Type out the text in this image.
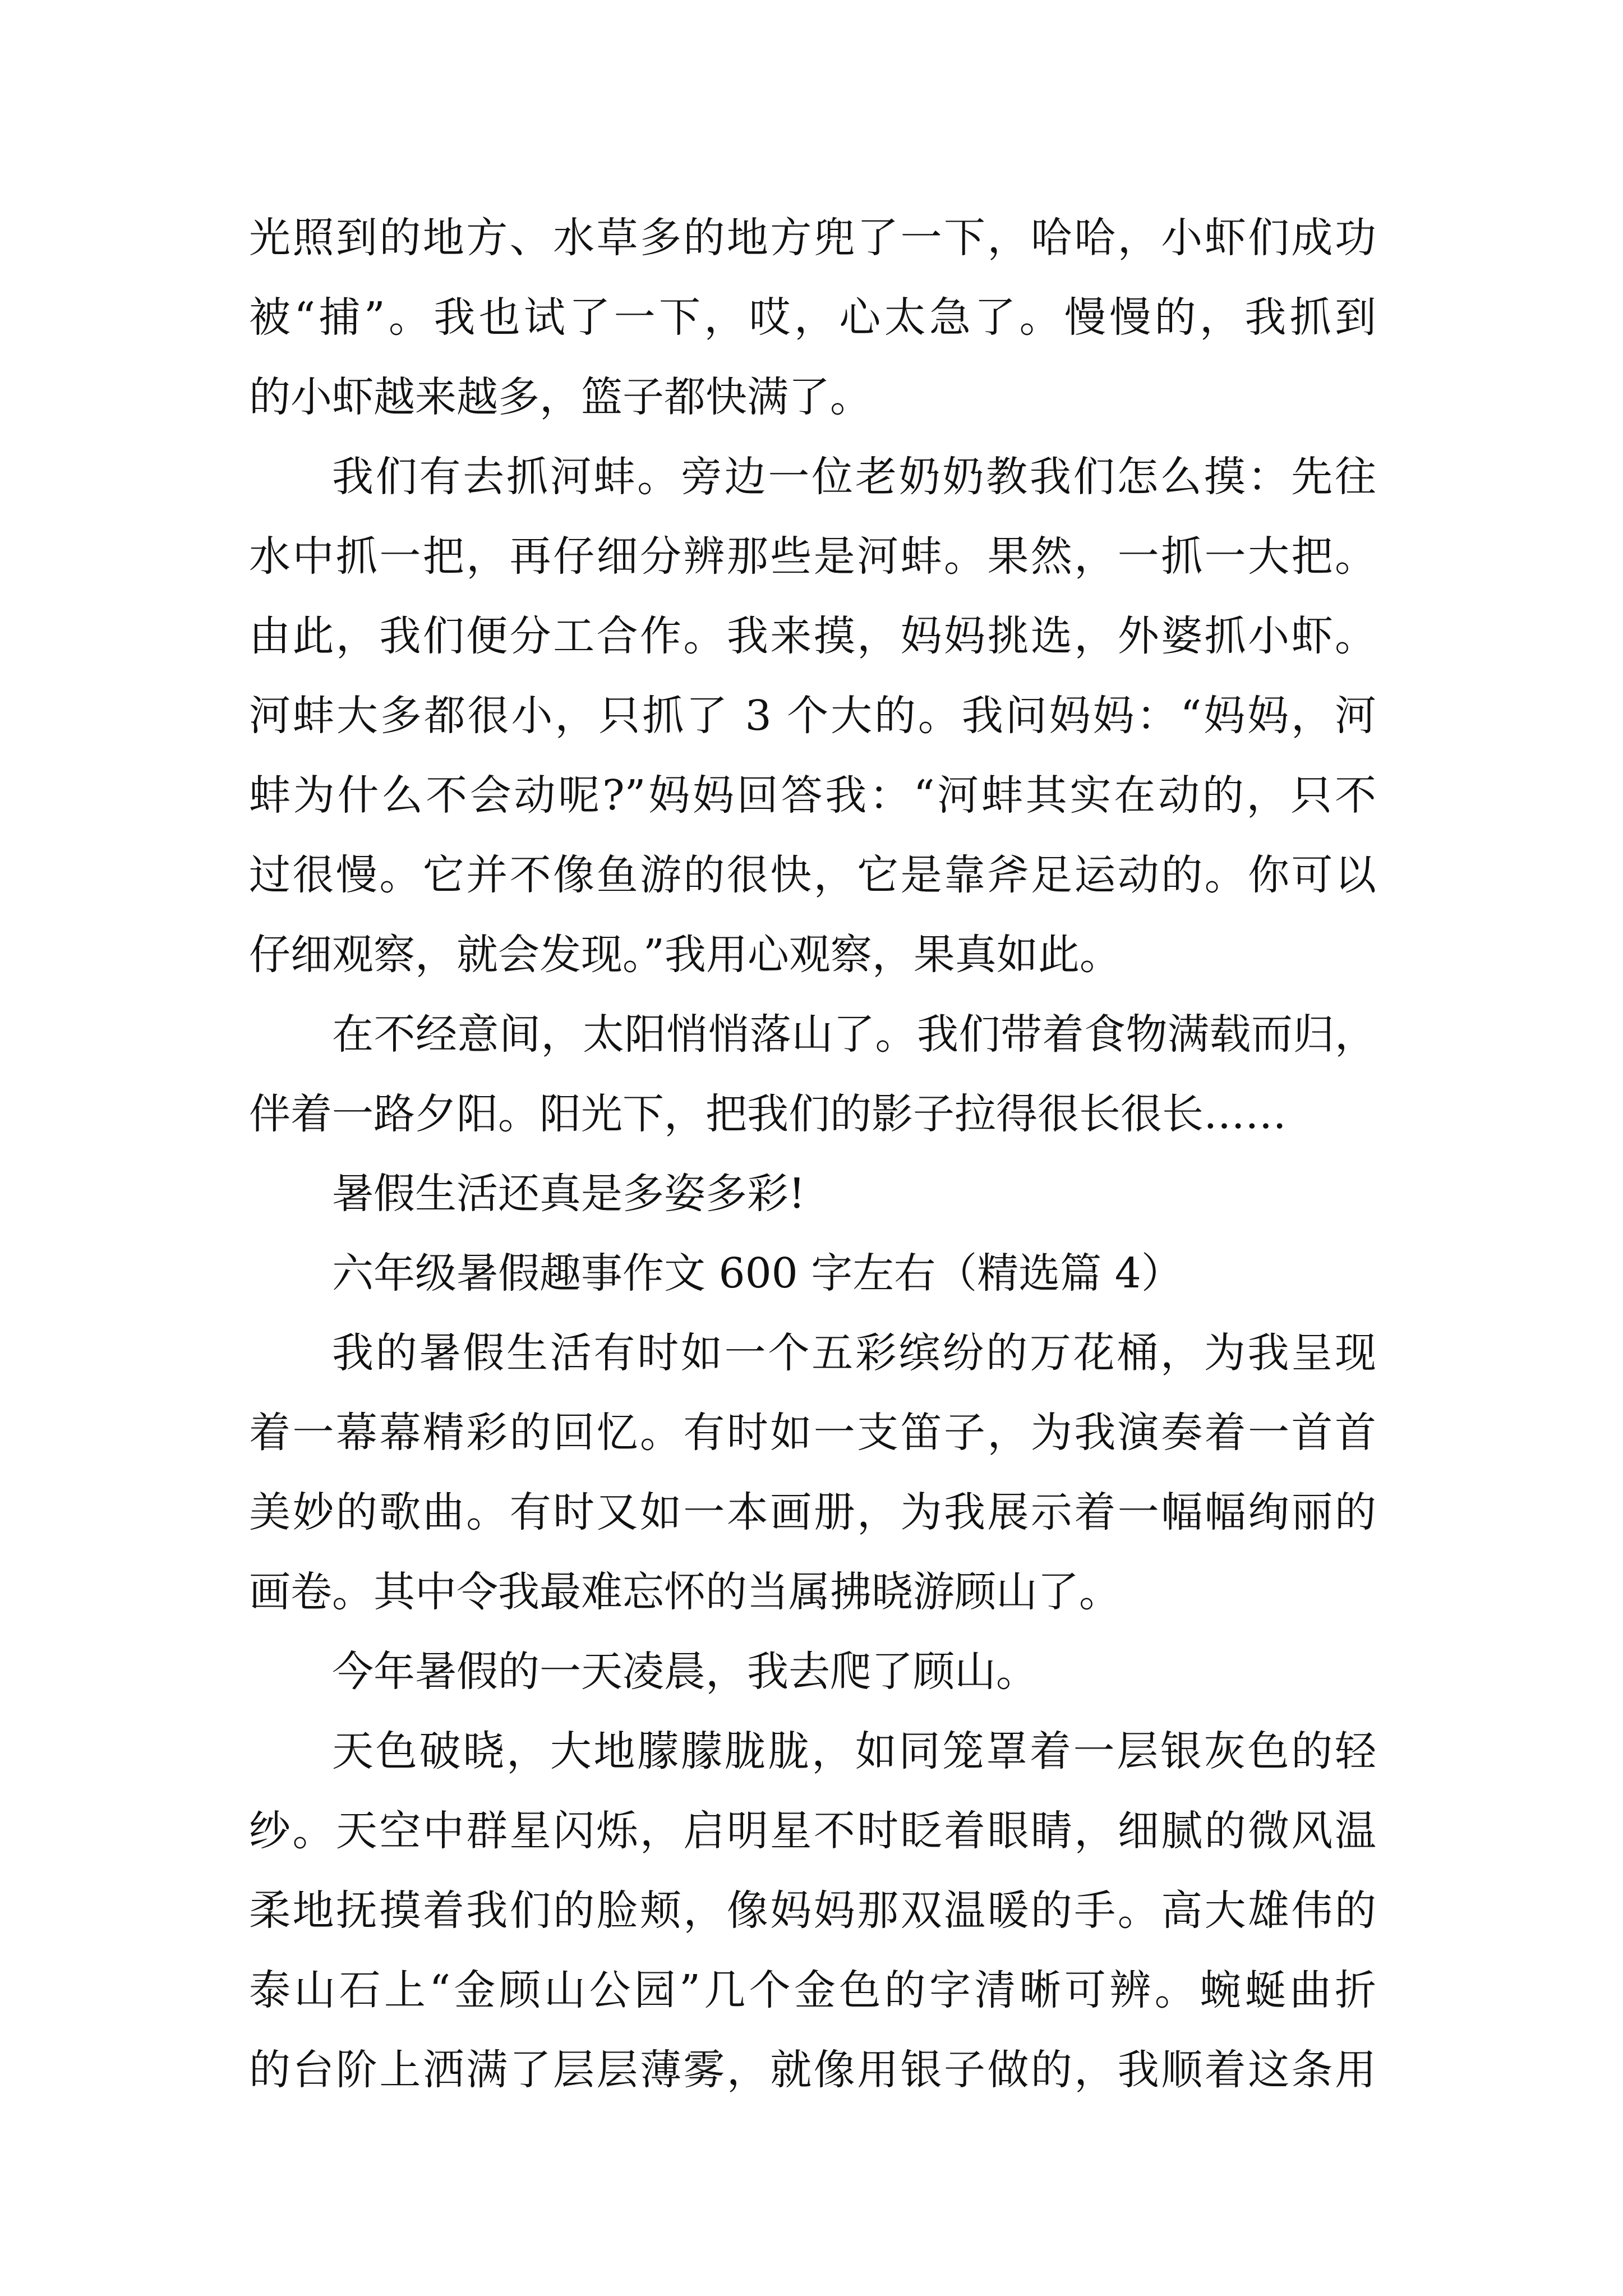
光照到的地方、水草多的地方兜了一下，哈哈，小虾们成功
被“捕”。我也试了一下，哎，心太急了。慢慢的，我抓到
的小虾越来越多，篮子都快满了。
我们有去抓河蚌。旁边一位老奶奶教我们怎么摸：先往
水中抓一把，再仔细分辨那些是河蚌。果然，一抓一大把。
由此，我们便分工合作。我来摸，妈妈挑选，外婆抓小虾。
河蚌大多都很小，只抓了 3 个大的。我问妈妈：“妈妈，河
蚌为什么不会动呢?”妈妈回答我：“河蚌其实在动的，只不
过很慢。它并不像鱼游的很快，它是靠斧足运动的。你可以
仔细观察，就会发现。”我用心观察，果真如此。
在不经意间，太阳悄悄落山了。我们带着食物满载而归，
伴着一路夕阳。阳光下，把我们的影子拉得很长很长……
暑假生活还真是多姿多彩!
六年级暑假趣事作文 600 字左右（精选篇 4）
我的暑假生活有时如一个五彩缤纷的万花桶，为我呈现
着一幕幕精彩的回忆。有时如一支笛子，为我演奏着一首首
美妙的歌曲。有时又如一本画册，为我展示着一幅幅绚丽的
画卷。其中令我最难忘怀的当属拂晓游顾山了。
今年暑假的一天凌晨，我去爬了顾山。
天色破晓，大地朦朦胧胧，如同笼罩着一层银灰色的轻
纱。天空中群星闪烁，启明星不时眨着眼睛，细腻的微风温
柔地抚摸着我们的脸颊，像妈妈那双温暖的手。高大雄伟的
泰山石上“金顾山公园”几个金色的字清晰可辨。蜿蜒曲折
的台阶上洒满了层层薄雾，就像用银子做的，我顺着这条用
